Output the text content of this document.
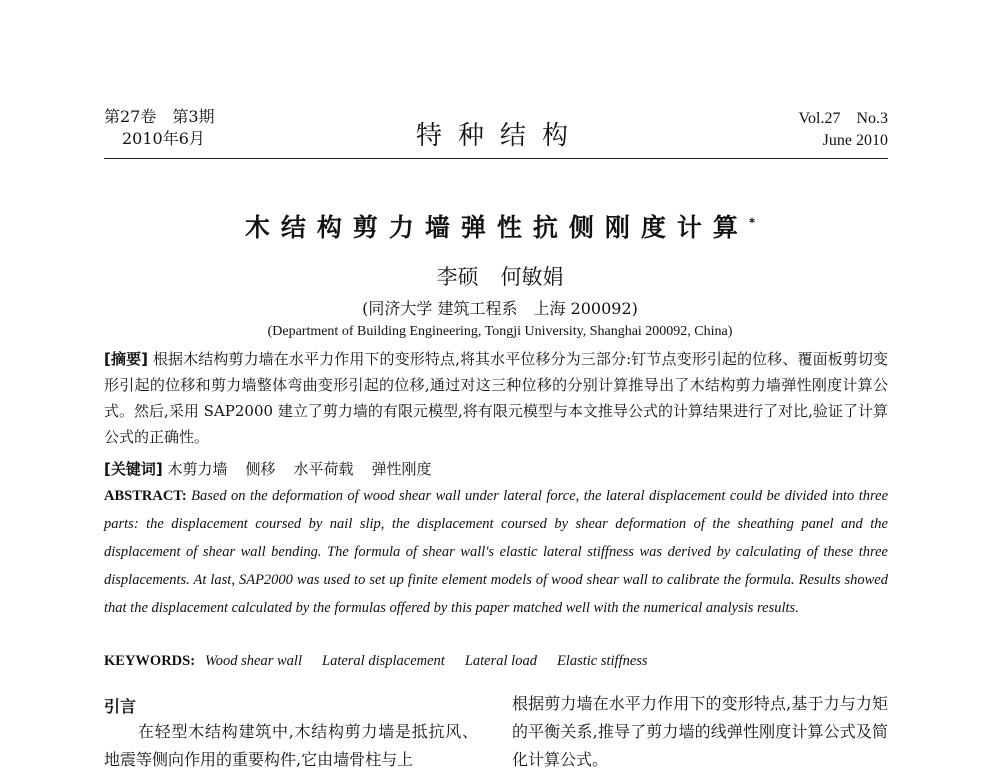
第27卷　第3期
2010年6月	特种结构
Vol.27　No.3
June 2010
木结构剪力墙弹性抗侧刚度计算*
李硕 何敏娟
(同济大学 建筑工程系　上海 200092)
(Department of Building Engineering, Tongji University, Shanghai 200092, China)
[摘要] 根据木结构剪力墙在水平力作用下的变形特点,将其水平位移分为三部分:钉节点变形引起的位移、覆面板剪切变形引起的位移和剪力墙整体弯曲变形引起的位移,通过对这三种位移的分别计算推导出了木结构剪力墙弹性刚度计算公式。然后,采用 SAP2000 建立了剪力墙的有限元模型,将有限元模型与本文推导公式的计算结果进行了对比,验证了计算公式的正确性。
[关键词] 木剪力墙 侧移 水平荷载 弹性刚度
ABSTRACT: Based on the deformation of wood shear wall under lateral force, the lateral displacement could be divided into three parts: the displacement coursed by nail slip, the displacement coursed by shear deformation of the sheathing panel and the displacement of shear wall bending. The formula of shear wall's elastic lateral stiffness was derived by calculating of these three displacements. At last, SAP2000 was used to set up finite element models of wood shear wall to calibrate the formula. Results showed that the displacement calculated by the formulas offered by this paper matched well with the numerical analysis results.
KEYWORDS: Wood shear wall Lateral displacement Lateral load Elastic stiffness
引言
在轻型木结构建筑中,木结构剪力墙是抵抗风、地震等侧向作用的重要构件,它由墙骨柱与上
根据剪力墙在水平力作用下的变形特点,基于力与力矩的平衡关系,推导了剪力墙的线弹性刚度计算公式及简化计算公式。
